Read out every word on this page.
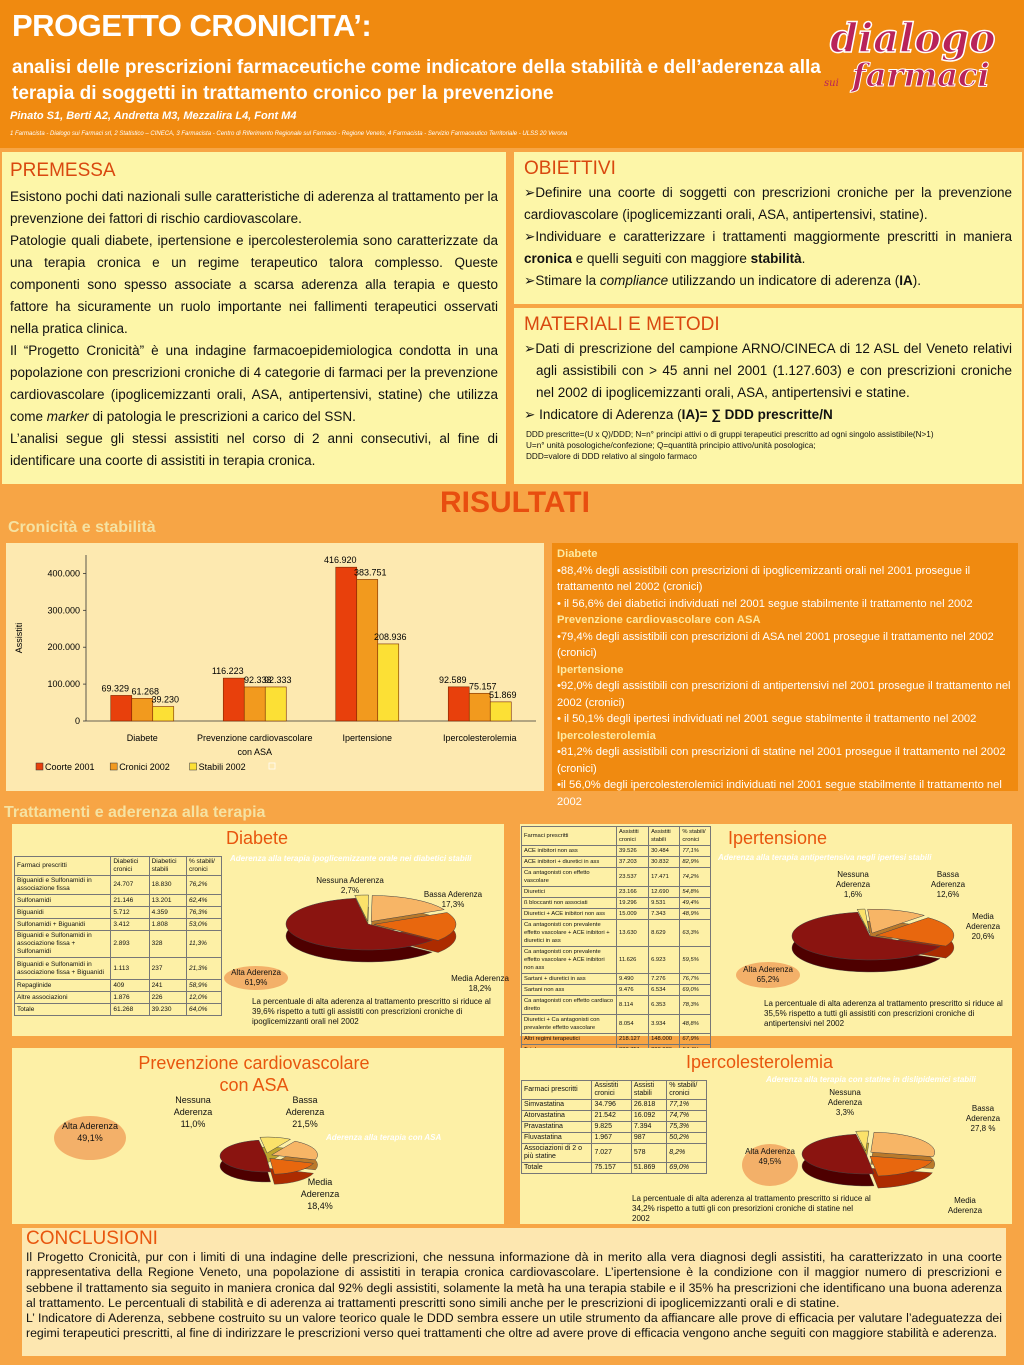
PROGETTO CRONICITA’:
analisi delle prescrizioni farmaceutiche come indicatore della stabilità e dell’aderenza alla terapia di soggetti in trattamento cronico per la prevenzione
Pinato S1, Berti A2, Andretta M3, Mezzalira L4, Font M4
1 Farmacista - Dialogo sui Farmaci srl, 2 Statistico – CINECA, 3 Farmacista - Centro di Riferimento Regionale sul Farmaco - Regione Veneto, 4 Farmacista - Servizio Farmaceutico Territoriale - ULSS 20 Verona
dialogo
sui farmaci
PREMESSA
Esistono pochi dati nazionali sulle caratteristiche di aderenza al trattamento per la prevenzione dei fattori di rischio cardiovascolare.
Patologie quali diabete, ipertensione e ipercolesterolemia sono caratterizzate da una terapia cronica e un regime terapeutico talora complesso. Queste componenti sono spesso associate a scarsa aderenza alla terapia e questo fattore ha sicuramente un ruolo importante nei fallimenti terapeutici osservati nella pratica clinica.
Il “Progetto Cronicità” è una indagine farmacoepidemiologica condotta in una popolazione con prescrizioni croniche di 4 categorie di farmaci per la prevenzione cardiovascolare (ipoglicemizzanti orali, ASA, antipertensivi, statine) che utilizza come marker di patologia le prescrizioni a carico del SSN.
L’analisi segue gli stessi assistiti nel corso di 2 anni consecutivi, al fine di identificare una coorte di assistiti in terapia cronica.
OBIETTIVI
➢Definire una coorte di soggetti con prescrizioni croniche per la prevenzione cardiovascolare (ipoglicemizzanti orali, ASA, antipertensivi, statine).
➢Individuare e caratterizzare i trattamenti maggiormente prescritti in maniera cronica e quelli seguiti con maggiore stabilità.
➢Stimare la compliance utilizzando un indicatore di aderenza (IA).
MATERIALI E METODI
➢Dati di prescrizione del campione ARNO/CINECA di 12 ASL del Veneto relativi agli assistibili con > 45 anni nel 2001 (1.127.603) e con prescrizioni croniche nel 2002 di ipoglicemizzanti orali, ASA, antipertensivi e statine.
➢ Indicatore di Aderenza (IA)= ∑ DDD prescritte/N
DDD prescritte=(U x Q)/DDD; N=n° principi attivi o di gruppi terapeutici prescritto ad ogni singolo assistibile(N>1)
U=n° unità posologiche/confezione; Q=quantità principio attivo/unità posologica;
DDD=valore di DDD relativo al singolo farmaco
RISULTATI
Cronicità e stabilità
0
100.000
200.000
300.000
400.000
Assistiti
69.329 61.268
39.230
Diabete
116.223
92.333
92.333
Prevenzione cardiovascolare
con ASA
416.920
383.751
208.936
Ipertensione
92.589
75.157
51.869
Ipercolesterolemia
Coorte 2001	Cronici 2002	Stabili 2002
Diabete
•88,4% degli assistibili con prescrizioni di ipoglicemizzanti orali nel 2001 prosegue il trattamento nel 2002 (cronici)
• il 56,6% dei diabetici individuati nel 2001 segue stabilmente il trattamento nel 2002
Prevenzione cardiovascolare con ASA
•79,4% degli assistibili con prescrizioni di ASA nel 2001 prosegue il trattamento nel 2002 (cronici)
Ipertensione
•92,0% degli assistibili con prescrizioni di antipertensivi nel 2001 prosegue il trattamento nel 2002 (cronici)
• il 50,1% degli ipertesi individuati nel 2001 segue stabilmente il trattamento nel 2002
Ipercolesterolemia
•81,2% degli assistibili con prescrizioni di statine nel 2001 prosegue il trattamento nel 2002 (cronici)
•il 56,0% degli ipercolesterolemici individuati nel 2001 segue stabilmente il trattamento nel 2002
Trattamenti e aderenza alla terapia
Diabete
Aderenza alla terapia ipoglicemizzante orale nei diabetici stabili
Farmaci prescritti	Diabetici cronici	Diabetici stabili	% stabili/ cronici
Biguanidi e Sulfonamidi in associazione fissa	24.707	18.830	76,2%
Sulfonamidi	21.146	13.201	62,4%
Biguanidi	5.712	4.359	76,3%
Sulfonamidi + Biguanidi	3.412	1.808	53,0%
Biguanidi e Sulfonamidi in associazione fissa + Sulfonamidi	2.893	328	11,3%
Biguanidi e Sulfonamidi in associazione fissa + Biguanidi	1.113	237	21,3%
Repaglinide	409	241	58,9%
Altre associazioni	1.876	226	12,0%
Totale	61.268	39.230	64,0%
Nessuna Aderenza
2,7%	Bassa Aderenza
17,3%
Media Aderenza
18,2%
Alta Aderenza
61,9%
La percentuale di alta aderenza al trattamento prescritto si riduce al 39,6% rispetto a tutti gli assistiti con prescrizioni croniche di ipoglicemizzanti orali nel 2002
Farmaci prescritti	Assistiti cronici	Assistiti stabili	% stabili/ cronici
ACE inibitori non ass	39.526	30.484	77,1%
ACE inibitori + diuretici in ass	37.203	30.832	82,9%
Ca antagonisti con effetto vascolare	23.537	17.471	74,2%
Diuretici	23.166	12.690	54,8%
ß bloccanti non associati	19.296	9.531	49,4%
Diuretici + ACE inibitori non ass	15.009	7.343	48,9%
Ca antagonisti con prevalente effetto vascolare + ACE inibitori + diuretici in ass	13.630	8.629	63,3%
Ca antagonisti con prevalente effetto vascolare + ACE inibitori non ass	11.626	6.923	59,5%
Sartani + diuretici in ass	9.490	7.276	76,7%
Sartani non ass	9.476	6.534	69,0%
Ca antagonisti con effetto cardiaco diretto	8.114	6.353	78,3%
Diuretici + Ca antagonisti con prevalente effetto vascolare	8.054	3.934	48,8%
Altri regimi terapeutici	218.127	148.000	67,9%

Ipertensione
Aderenza alla terapia antipertensiva negli ipertesi stabili
Nessuna Aderenza
1,6%
Bassa Aderenza
12,6%
Media Aderenza
20,6%
Alta Aderenza
65,2%
La percentuale di alta aderenza al trattamento prescritto si riduce al 35,5% rispetto a tutti gli assistiti con prescrizioni croniche di antipertensivi nel 2002
Prevenzione cardiovascolare
con ASA
Aderenza alla terapia con ASA
Nessuna Aderenza
11,0%
Bassa Aderenza
21,5%
Media Aderenza
18,4%
Alta Aderenza
49,1%
Ipercolesterolemia
Aderenza alla terapia con statine in dislipidemici stabili
Farmaci prescritti	Assistiti cronici	Assisti stabili	% stabili/ cronici
Simvastatina	34.796	26.818	77,1%
Atorvastatina	21.542	16.092	74,7%
Pravastatina	9.825	7.394	75,3%
Fluvastatina	1.967	987	50,2%
Associazioni di 2 o più statine	7.027	578	8,2%
Totale	75.157	51.869	69,0%
Nessuna Aderenza
3,3%	Bassa Aderenza
27,8 %
Media Aderenza
Alta Aderenza
49,5%
La percentuale di alta aderenza al trattamento prescritto si riduce al 34,2% rispetto a tutti gli con presorizioni croniche di statine nel 2002
CONCLUSIONI
Il Progetto Cronicità, pur con i limiti di una indagine delle prescrizioni, che nessuna informazione dà in merito alla vera diagnosi degli assistiti, ha caratterizzato in una coorte rappresentativa della Regione Veneto, una popolazione di assistiti in terapia cronica cardiovascolare. L’ipertensione è la condizione con il maggior numero di prescrizioni e sebbene il trattamento sia seguito in maniera cronica dal 92% degli assistiti, solamente la metà ha una terapia stabile e il 35% ha prescrizioni che identificano una buona aderenza al trattamento. Le percentuali di stabilità e di aderenza ai trattamenti prescritti sono simili anche per le prescrizioni di ipoglicemizzanti orali e di statine.
L’ Indicatore di Aderenza, sebbene costruito su un valore teorico quale le DDD sembra essere un utile strumento da affiancare alle prove di efficacia per valutare l’adeguatezza dei regimi terapeutici prescritti, al fine di indirizzare le prescrizioni verso quei trattamenti che oltre ad avere prove di efficacia vengono anche seguiti con maggiore stabilità e aderenza.
